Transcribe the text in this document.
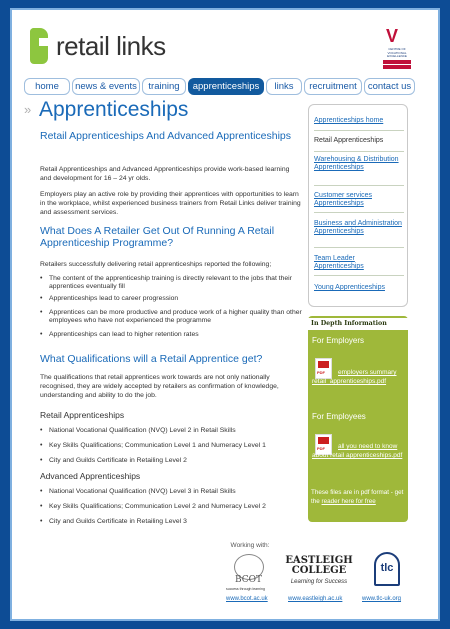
retail links	V
CENTRE OF VOCATIONAL EXCELLENCE
home	news & events	training	apprenticeships	links	recruitment	contact us
» Apprenticeships
Retail Apprenticeships And Advanced Apprenticeships

Retail Apprenticeships and Advanced Apprenticeships provide work-based learning and development for 16 – 24 yr olds.

Employers play an active role by providing their apprentices with opportunities to learn in the workplace, whilst experienced business trainers from Retail Links deliver training and assessment services.

What Does A Retailer Get Out Of Running A Retail Apprenticeship Programme?

Retailers successfully delivering retail apprenticeships reported the following;

• The content of the apprenticeship training is directly relevant to the jobs that their apprentices eventually fill
• Apprenticeships lead to career progression
• Apprentices can be more productive and produce work of a higher quality than other employees who have not experienced the programme
• Apprenticeships can lead to higher retention rates
What Qualifications will a Retail Apprentice get?

The qualifications that retail apprentices work towards are not only nationally recognised, they are widely accepted by retailers as confirmation of knowledge, understanding and ability to do the job.

Retail Apprenticeships
• National Vocational Qualification (NVQ) Level 2 in Retail Skills
• Key Skills Qualifications; Communication Level 1 and Numeracy Level 1
• City and Guilds Certificate in Retailing Level 2
Advanced Apprenticeships
• National Vocational Qualification (NVQ) Level 3 in Retail Skills
• Key Skills Qualifications; Communication Level 2 and Numeracy Level 2
• City and Guilds Certificate in Retailing Level 3
Apprenticeships home
Retail Apprenticeships
Warehousing & Distribution Apprenticeships
Customer services Apprenticeships
Business and Administration Apprenticeships
Team Leader Apprenticeships
Young Apprenticeships
In Depth Information
For Employers
PDF	employers summary retail_apprenticeships.pdf
For Employees
PDF	all you need to know about retail apprenticeships.pdf
These files are in pdf format - get the reader here for free
Working with:
BCOT
success through learning
EASTLEIGH COLLEGE
Learning for Success
tlc
www.bcot.ac.uk	www.eastleigh.ac.uk	www.tlc-uk.org
